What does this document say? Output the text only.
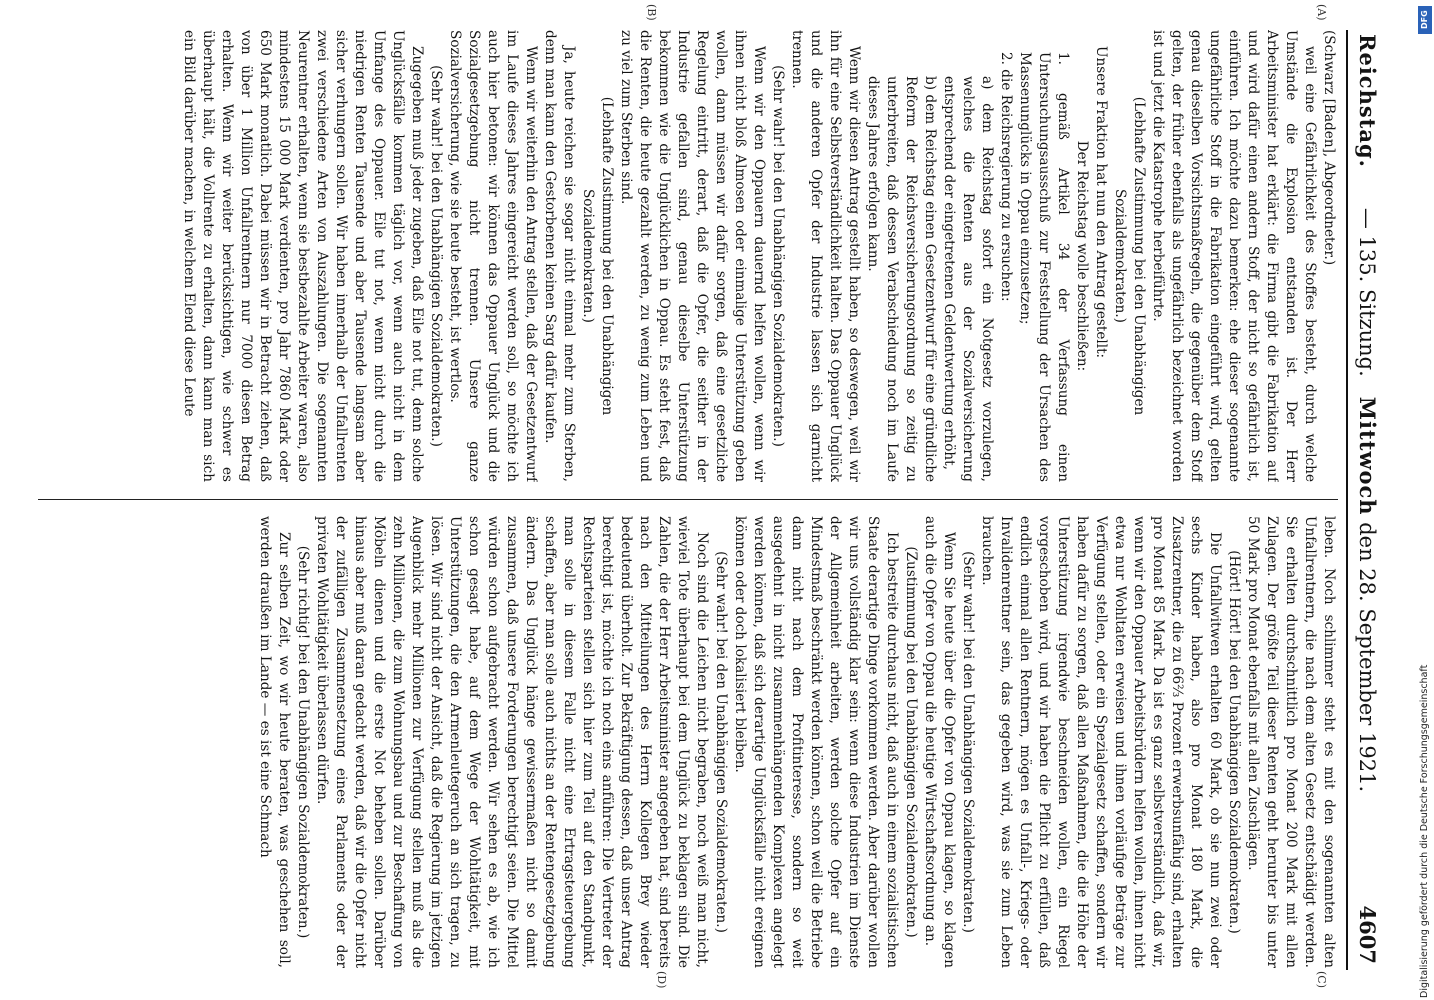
DFG
Digitalisierung gefördert durch die Deutsche Forschungsgemeinschaft
Reichstag.
— 135. Sitzung.   Mittwoch den 28. September 1921.
4607

(Schwarz [Baden], Abgeordneter.)

weil eine Gefährlichkeit des Stoffes besteht, durch welche Umstände die Explosion entstanden ist. Der Herr Arbeitsminister hat erklärt: die Firma gibt die Fabrikation auf und wird dafür einen andern Stoff, der nicht so gefährlich ist, einführen. Ich möchte dazu bemerken: ehe dieser sogenannte ungefährliche Stoff in die Fabrikation eingeführt wird, gelten genau dieselben Vorsichtsmaßregeln, die gegenüber dem Stoff gelten, der früher ebenfalls als ungefährlich bezeichnet worden ist und jetzt die Katastrophe herbeiführte.

(Lebhafte Zustimmung bei den Unabhängigen Sozialdemokraten.)

Unsere Fraktion hat nun den Antrag gestellt:

Der Reichstag wolle beschließen:

1. gemäß Artikel 34 der Verfassung einen Untersuchungsausschuß zur Feststellung der Ursachen des Massenunglücks in Oppau einzusetzen;

2. die Reichsregierung zu ersuchen:

a) dem Reichstag sofort ein Notgesetz vorzulegen, welches die Renten aus der Sozialversicherung entsprechend der eingetretenen Geldentwertung erhöht,

b) dem Reichstag einen Gesetzentwurf für eine gründliche Reform der Reichsversicherungsordnung so zeitig zu unterbreiten, daß dessen Verabschiedung noch im Laufe dieses Jahres erfolgen kann.

Wenn wir diesen Antrag gestellt haben, so deswegen, weil wir ihn für eine Selbstverständlichkeit halten. Das Oppauer Unglück und die anderen Opfer der Industrie lassen sich garnicht trennen.

(Sehr wahr! bei den Unabhängigen Sozialdemokraten.)

Wenn wir den Oppauern dauernd helfen wollen, wenn wir ihnen nicht bloß Almosen oder einmalige Unterstützung geben wollen, dann müssen wir dafür sorgen, daß eine gesetzliche Regelung eintritt, derart, daß die Opfer, die seither in der Industrie gefallen sind, genau dieselbe Unterstützung bekommen wie die Unglücklichen in Oppau. Es steht fest, daß die Renten, die heute gezahlt werden, zu wenig zum Leben und zu viel zum Sterben sind.

(Lebhafte Zustimmung bei den Unabhängigen Sozialdemokraten.)

Ja, heute reichen sie sogar nicht einmal mehr zum Sterben, denn man kann den Gestorbenen keinen Sarg dafür kaufen.

Wenn wir weiterhin den Antrag stellen, daß der Gesetzentwurf im Laufe dieses Jahres eingereicht werden soll, so möchte ich auch hier betonen: wir können das Oppauer Unglück und die Sozialgesetzgebung nicht trennen. Unsere ganze Sozialversicherung, wie sie heute besteht, ist wertlos.

(Sehr wahr! bei den Unabhängigen Sozialdemokraten.)

Zugegeben muß jeder zugeben, daß Eile not tut, denn solche Unglücksfälle kommen täglich vor, wenn auch nicht in dem Umfange des Oppauer. Eile tut not, wenn nicht durch die niedrigen Renten Tausende und aber Tausende langsam aber sicher verhungern sollen. Wir haben innerhalb der Unfallrenten zwei verschiedene Arten von Auszahlungen. Die sogenannten Neurentner erhalten, wenn sie bestbezahlte Arbeiter waren, also mindestens 15 000 Mark verdienten, pro Jahr 7860 Mark oder 650 Mark monatlich. Dabei müssen wir in Betracht ziehen, daß von über 1 Million Unfallrentnern nur 7000 diesen Betrag erhalten. Wenn wir weiter berücksichtigen, wie schwer es überhaupt hält, die Vollrente zu erhalten, dann kann man sich ein Bild darüber machen, in welchem Elend diese Leute

leben. Noch schlimmer steht es mit den sogenannten alten Unfallrentnern, die nach dem alten Gesetz entschädigt werden. Sie erhalten durchschnittlich pro Monat 200 Mark mit allen Zulagen. Der größte Teil dieser Renten geht herunter bis unter 50 Mark pro Monat ebenfalls mit allen Zuschlägen.

(Hört! Hört! bei den Unabhängigen Sozialdemokraten.)

Die Unfallwitwen erhalten 60 Mark, ob sie nun zwei oder sechs Kinder haben, also pro Monat 180 Mark, die Zusatzrentner, die zu 66⅔ Prozent erwerbsunfähig sind, erhalten pro Monat 85 Mark. Da ist es ganz selbstverständlich, daß wir, wenn wir den Oppauer Arbeitsbrüdern helfen wollen, ihnen nicht etwa nur Wohltaten erweisen und ihnen vorläufige Beträge zur Verfügung stellen, oder ein Spezialgesetz schaffen, sondern wir haben dafür zu sorgen, daß allen Maßnahmen, die die Höhe der Unterstützung irgendwie beschneiden wollen, ein Riegel vorgeschoben wird, und wir haben die Pflicht zu erfüllen, daß endlich einmal allen Rentnern, mögen es Unfall-, Kriegs- oder Invalidenrentner sein, das gegeben wird, was sie zum Leben brauchen.

(Sehr wahr! bei den Unabhängigen Sozialdemokraten.)

Wenn Sie heute über die Opfer von Oppau klagen, so klagen auch die Opfer von Oppau die heutige Wirtschaftsordnung an.

(Zustimmung bei den Unabhängigen Sozialdemokraten.)

Ich bestreite durchaus nicht, daß auch in einem sozialistischen Staate derartige Dinge vorkommen werden. Aber darüber wollen wir uns vollständig klar sein: wenn diese Industrien im Dienste der Allgemeinheit arbeiten, werden solche Opfer auf ein Mindestmaß beschränkt werden können, schon weil die Betriebe dann nicht nach dem Profitinteresse, sondern so weit ausgedehnt in nicht zusammenhängenden Komplexen angelegt werden können, daß sich derartige Unglücksfälle nicht ereignen können oder doch lokalisiert bleiben.

(Sehr wahr! bei den Unabhängigen Sozialdemokraten.)

Noch sind die Leichen nicht begraben, noch weiß man nicht, wieviel Tote überhaupt bei dem Unglück zu beklagen sind. Die Zahlen, die der Herr Arbeitsminister angegeben hat, sind bereits nach den Mitteilungen des Herrn Kollegen Brey wieder bedeutend überholt. Zur Bekräftigung dessen, daß unser Antrag berechtigt ist, möchte ich noch eins anführen: Die Vertreter der Rechtsparteien stellen sich hier zum Teil auf den Standpunkt, man solle in diesem Falle nicht eine Ertragsteuergebung schaffen, aber man solle auch nichts an der Rentengesetzgebung ändern. Das Unglück hänge gewissermaßen nicht so damit zusammen, daß unsere Forderungen berechtigt seien. Die Mittel würden schon aufgebracht werden. Wir sehen es ab, wie ich schon gesagt habe, auf dem Wege der Wohltätigkeit, mit Unterstützungen, die den Armenleutegeruch an sich tragen, zu lösen. Wir sind nicht der Ansicht, daß die Regierung im jetzigen Augenblick mehr Millionen zur Verfügung stellen muß als die zehn Millionen, die zum Wohnungsbau und zur Beschaffung von Möbeln dienen und die erste Not beheben sollen. Darüber hinaus aber muß daran gedacht werden, daß wir die Opfer nicht der zufälligen Zusammensetzung eines Parlaments oder der privaten Wohltätigkeit überlassen dürfen.

(Sehr richtig! bei den Unabhängigen Sozialdemokraten.)

Zur selben Zeit, wo wir heute beraten, was geschehen soll, werden draußen im Lande — es ist eine Schmach

(A)
(B)
(C)
(D)
